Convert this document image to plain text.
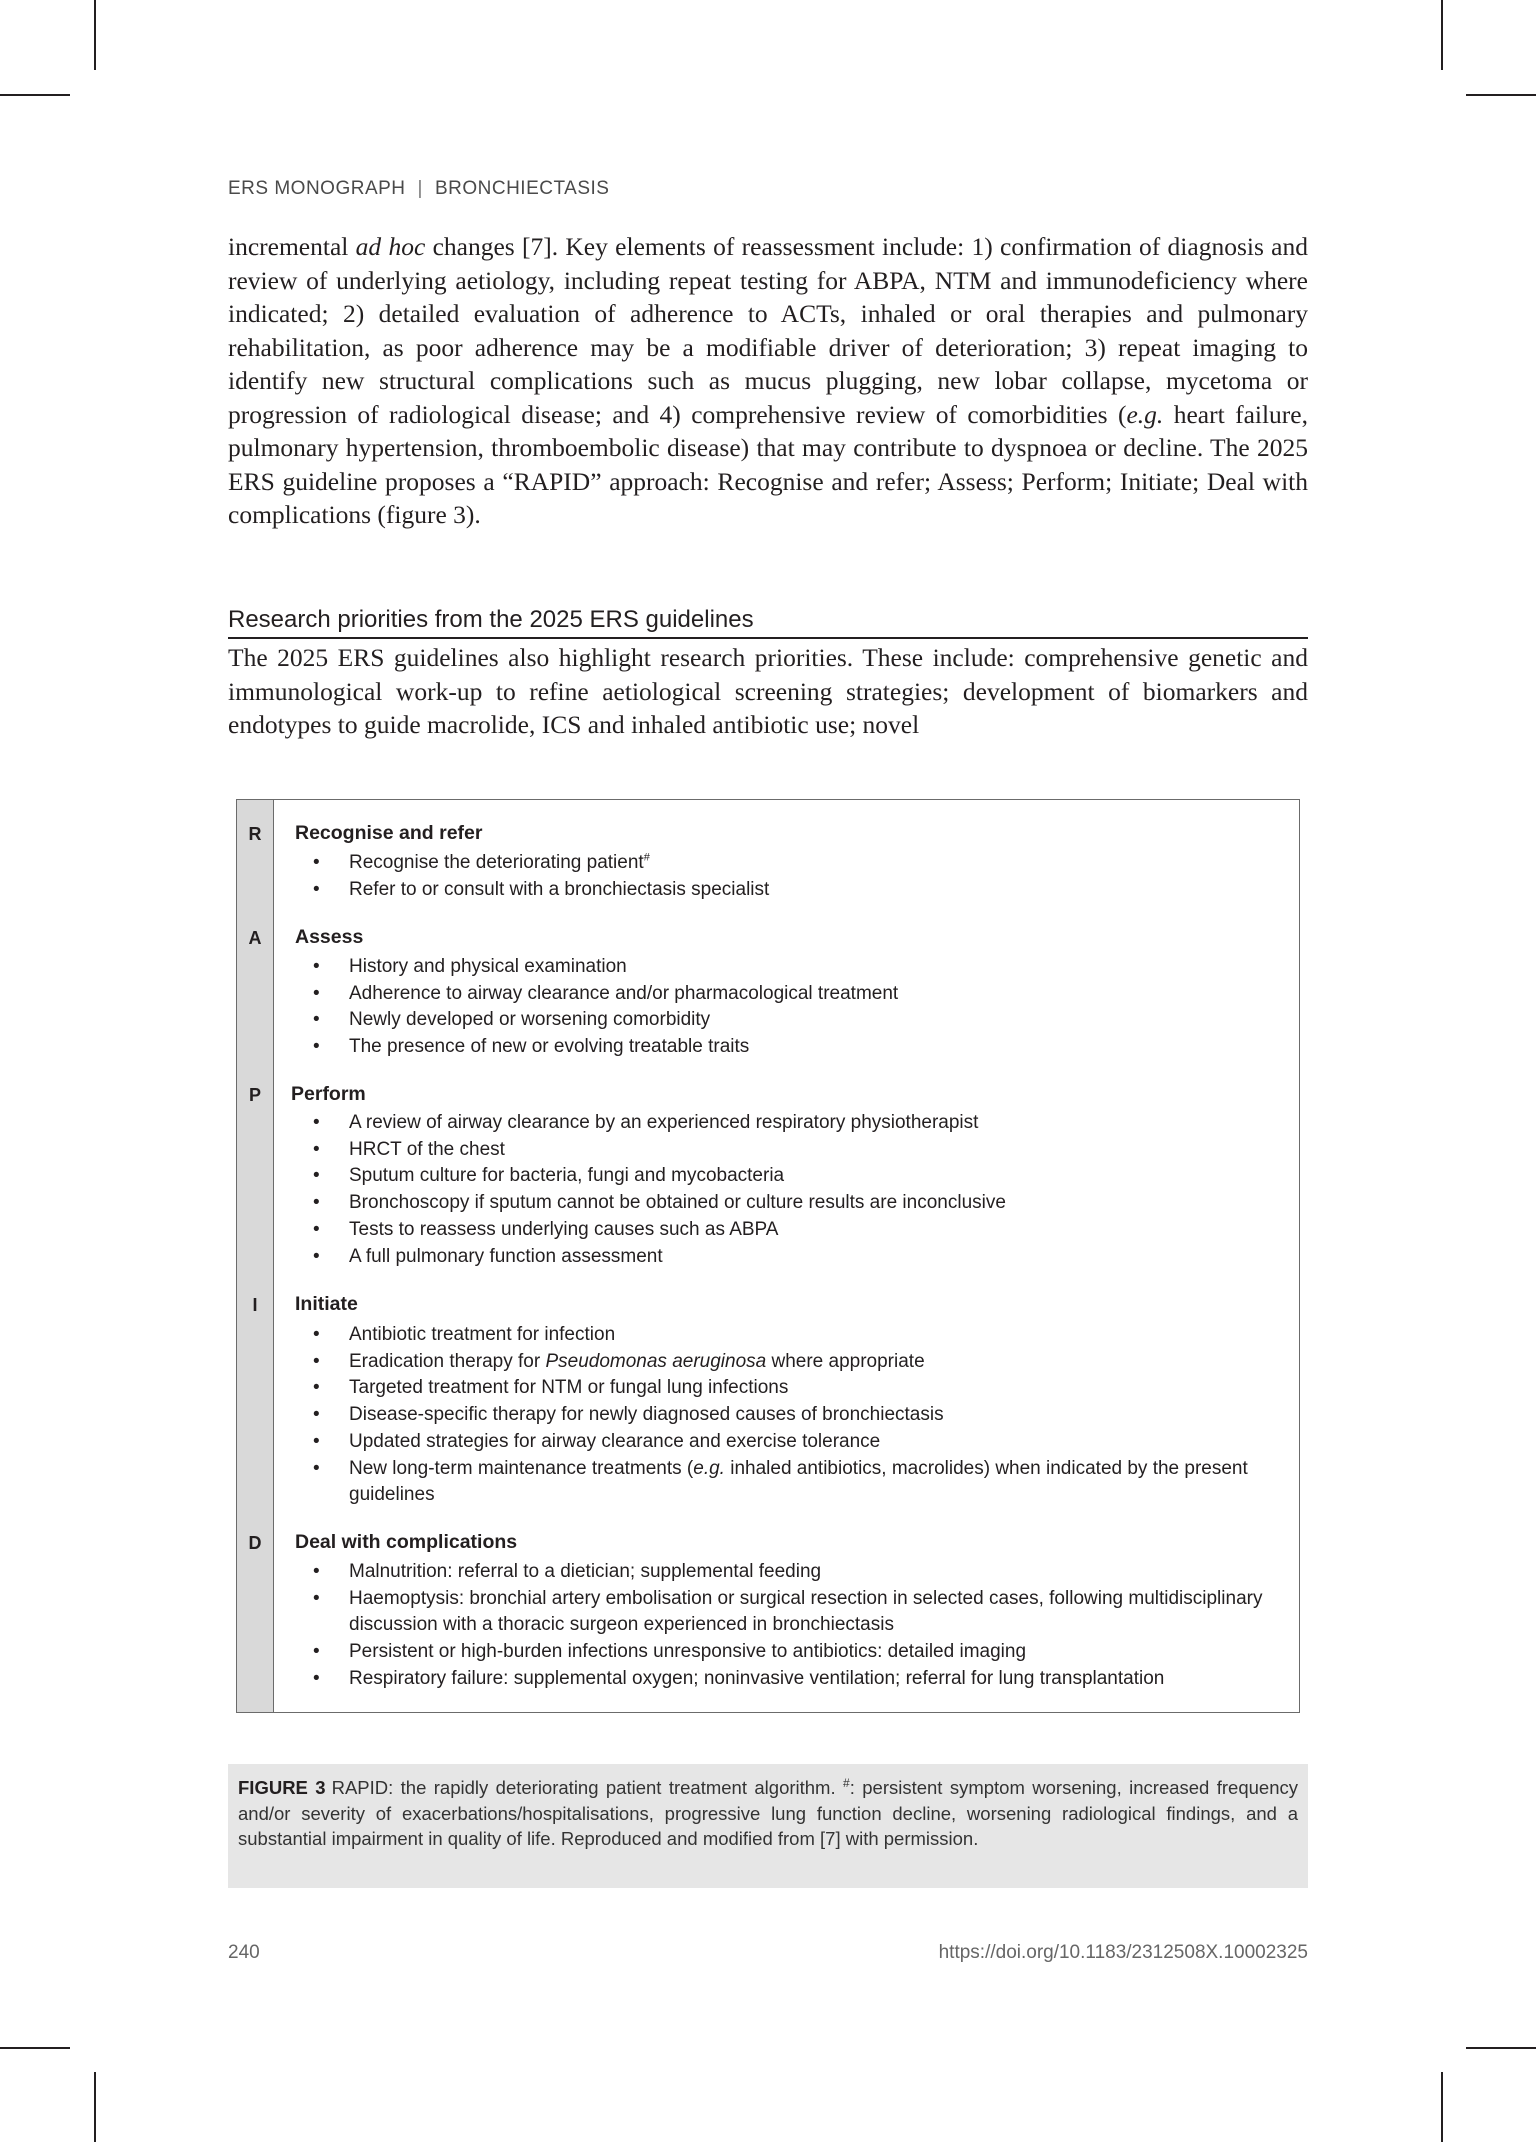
ERS MONOGRAPH | BRONCHIECTASIS

incremental ad hoc changes [7]. Key elements of reassessment include: 1) confirmation of diagnosis and review of underlying aetiology, including repeat testing for ABPA, NTM and immunodeficiency where indicated; 2) detailed evaluation of adherence to ACTs, inhaled or oral therapies and pulmonary rehabilitation, as poor adherence may be a modifiable driver of deterioration; 3) repeat imaging to identify new structural complications such as mucus plugging, new lobar collapse, mycetoma or progression of radiological disease; and 4) comprehensive review of comorbidities (e.g. heart failure, pulmonary hypertension, thromboembolic disease) that may contribute to dyspnoea or decline. The 2025 ERS guideline proposes a “RAPID” approach: Recognise and refer; Assess; Perform; Initiate; Deal with complications (figure 3).

Research priorities from the 2025 ERS guidelines

The 2025 ERS guidelines also highlight research priorities. These include: comprehensive genetic and immunological work-up to refine aetiological screening strategies; development of biomarkers and endotypes to guide macrolide, ICS and inhaled antibiotic use; novel

R	Recognise and refer
• Recognise the deteriorating patient#
• Refer to or consult with a bronchiectasis specialist
A	Assess
• History and physical examination
• Adherence to airway clearance and/or pharmacological treatment
• Newly developed or worsening comorbidity
• The presence of new or evolving treatable traits
P	Perform
• A review of airway clearance by an experienced respiratory physiotherapist
• HRCT of the chest
• Sputum culture for bacteria, fungi and mycobacteria
• Bronchoscopy if sputum cannot be obtained or culture results are inconclusive
• Tests to reassess underlying causes such as ABPA
• A full pulmonary function assessment
I	Initiate
• Antibiotic treatment for infection
• Eradication therapy for Pseudomonas aeruginosa where appropriate
• Targeted treatment for NTM or fungal lung infections
• Disease-specific therapy for newly diagnosed causes of bronchiectasis
• Updated strategies for airway clearance and exercise tolerance
• New long-term maintenance treatments (e.g. inhaled antibiotics, macrolides) when indicated by the present guidelines
D	Deal with complications
• Malnutrition: referral to a dietician; supplemental feeding
• Haemoptysis: bronchial artery embolisation or surgical resection in selected cases, following multidisciplinary discussion with a thoracic surgeon experienced in bronchiectasis
• Persistent or high-burden infections unresponsive to antibiotics: detailed imaging
• Respiratory failure: supplemental oxygen; noninvasive ventilation; referral for lung transplantation
FIGURE 3 RAPID: the rapidly deteriorating patient treatment algorithm. #: persistent symptom worsening, increased frequency and/or severity of exacerbations/hospitalisations, progressive lung function decline, worsening radiological findings, and a substantial impairment in quality of life. Reproduced and modified from [7] with permission.
240	https://doi.org/10.1183/2312508X.10002325
